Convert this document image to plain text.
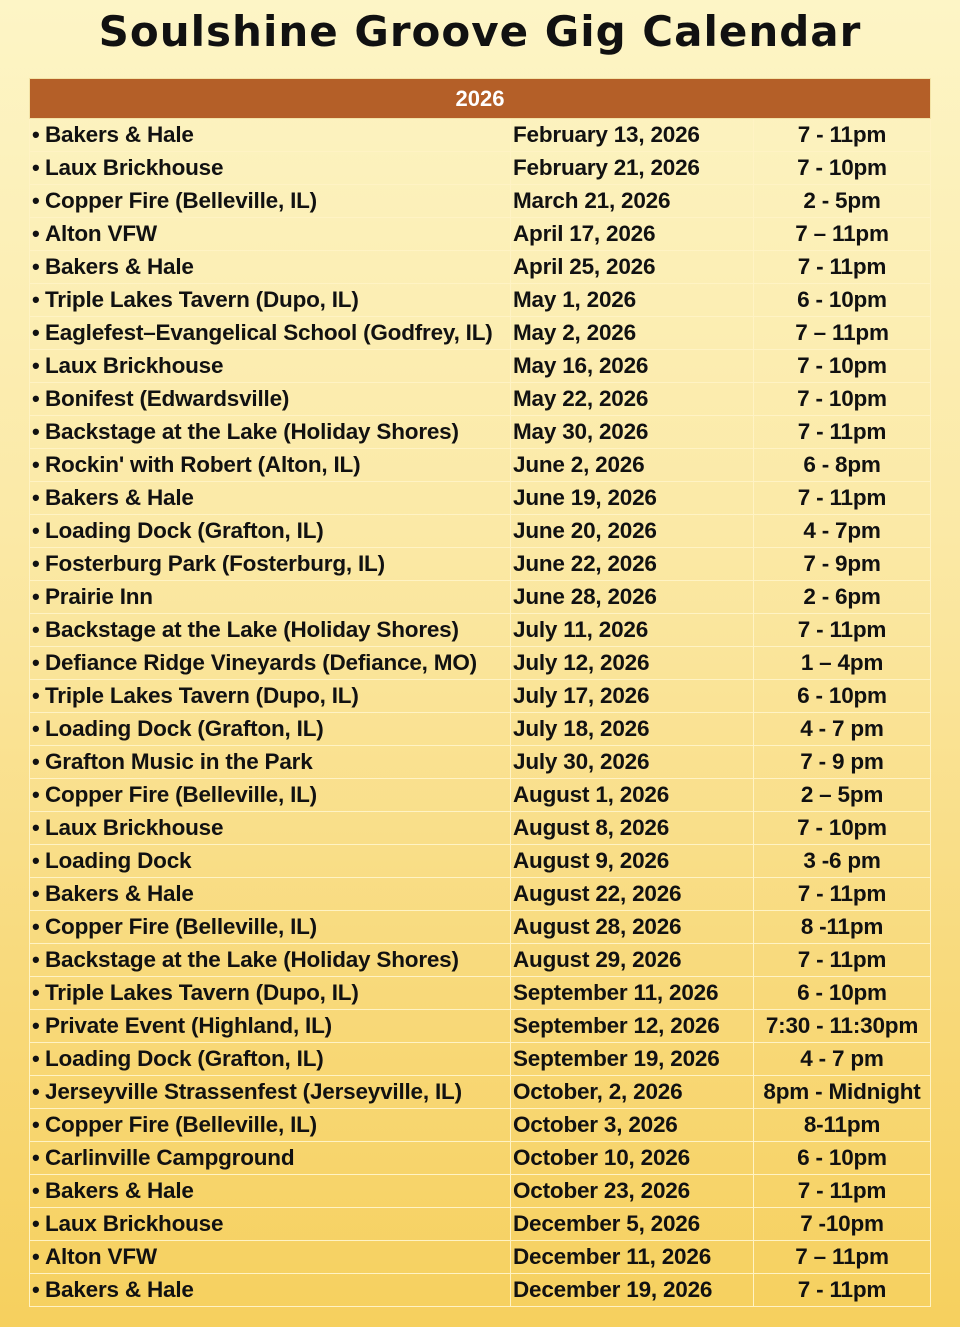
Soulshine Groove Gig Calendar
2026		
• Bakers & Hale	February 13, 2026	7 - 11pm
• Laux Brickhouse	February 21, 2026	7 - 10pm
• Copper Fire (Belleville, IL)	March 21, 2026	2 - 5pm
• Alton VFW	April 17, 2026	7 – 11pm
• Bakers & Hale	April 25, 2026	7 - 11pm
• Triple Lakes Tavern (Dupo, IL)	May 1, 2026	6 - 10pm
• Eaglefest–Evangelical School (Godfrey, IL)	May 2, 2026	7 – 11pm
• Laux Brickhouse	May 16, 2026	7 - 10pm
• Bonifest (Edwardsville)	May 22, 2026	7 - 10pm
• Backstage at the Lake (Holiday Shores)	May 30, 2026	7 - 11pm
• Rockin' with Robert (Alton, IL)	June 2, 2026	6 - 8pm
• Bakers & Hale	June 19, 2026	7 - 11pm
• Loading Dock (Grafton, IL)	June 20, 2026	4 - 7pm
• Fosterburg Park (Fosterburg, IL)	June 22, 2026	7 - 9pm
• Prairie Inn	June 28, 2026	2 - 6pm
• Backstage at the Lake (Holiday Shores)	July 11, 2026	7 - 11pm
• Defiance Ridge Vineyards (Defiance, MO)	July 12, 2026	1 – 4pm
• Triple Lakes Tavern (Dupo, IL)	July 17, 2026	6 - 10pm
• Loading Dock (Grafton, IL)	July 18, 2026	4 - 7 pm
• Grafton Music in the Park	July 30, 2026	7 - 9 pm
• Copper Fire (Belleville, IL)	August 1, 2026	2 – 5pm
• Laux Brickhouse	August 8, 2026	7 - 10pm
• Loading Dock	August 9, 2026	3 -6 pm
• Bakers & Hale	August 22, 2026	7 - 11pm
• Copper Fire (Belleville, IL)	August 28, 2026	8 -11pm
• Backstage at the Lake (Holiday Shores)	August 29, 2026	7 - 11pm
• Triple Lakes Tavern (Dupo, IL)	September 11, 2026	6 - 10pm
• Private Event (Highland, IL)	September 12, 2026	7:30 - 11:30pm
• Loading Dock (Grafton, IL)	September 19, 2026	4 - 7 pm
• Jerseyville Strassenfest (Jerseyville, IL)	October, 2, 2026	8pm - Midnight
• Copper Fire (Belleville, IL)	October 3, 2026	8-11pm
• Carlinville Campground	October 10, 2026	6 - 10pm
• Bakers & Hale	October 23, 2026	7 - 11pm
• Laux Brickhouse	December 5, 2026	7 -10pm
• Alton VFW	December 11, 2026	7 – 11pm
• Bakers & Hale	December 19, 2026	7 - 11pm
